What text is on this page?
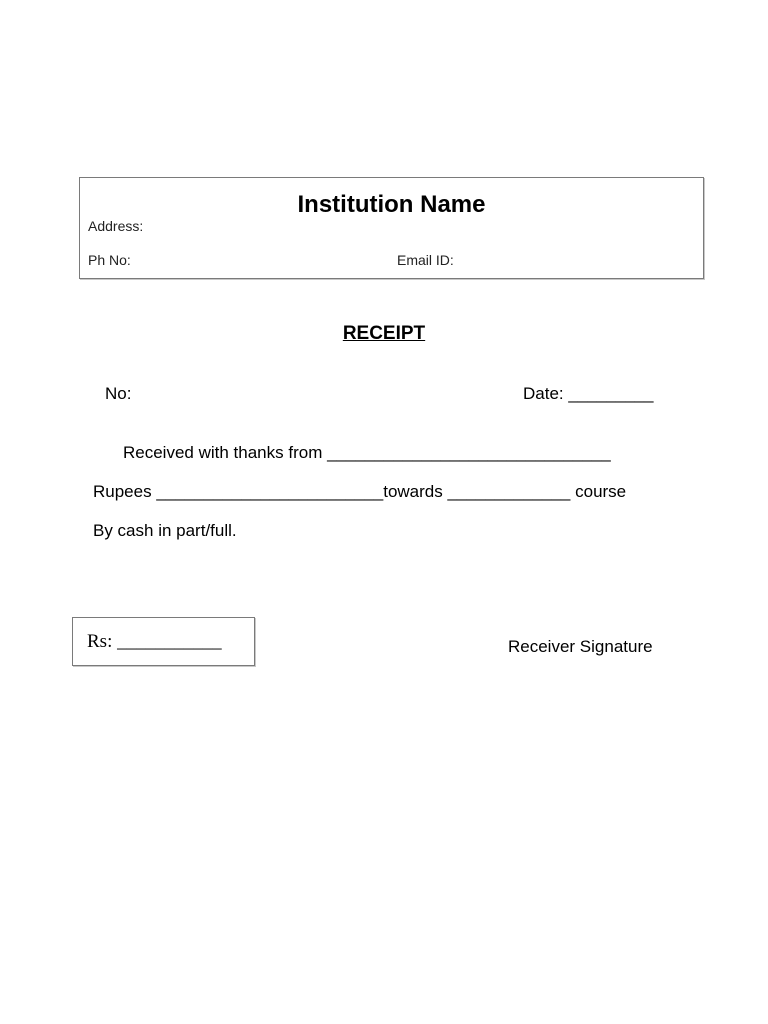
Institution Name
Address:
Ph No:	Email ID:
RECEIPT
No:	Date: _________
Received with thanks from ______________________________
Rupees ________________________towards _____________ course
By cash in part/full.
Rs: ___________	Receiver Signature
